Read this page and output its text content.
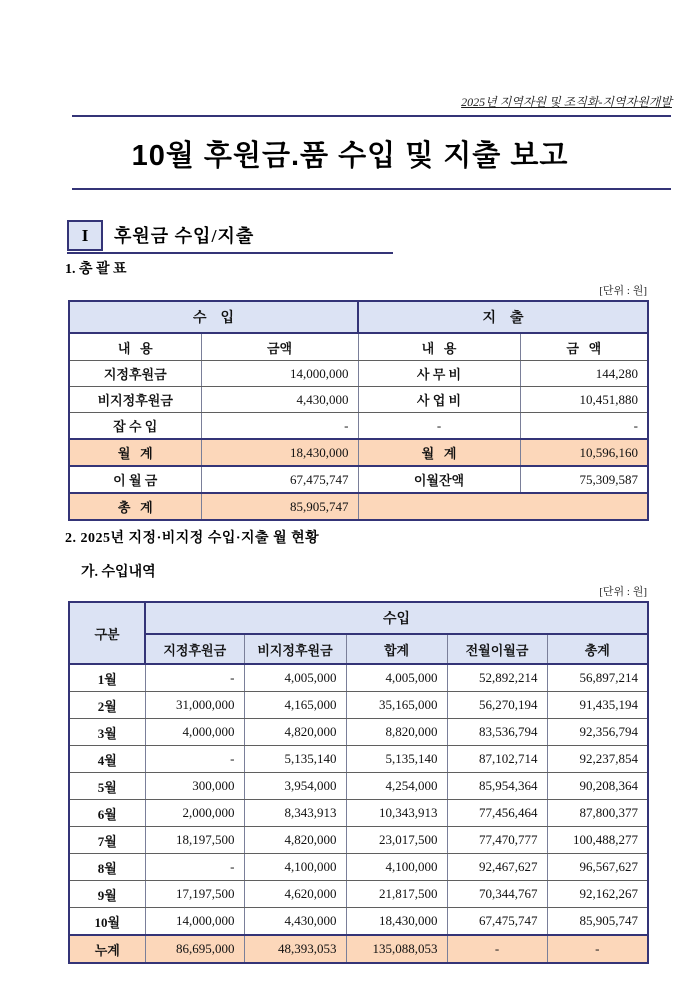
2025년 지역자원 및 조직화-지역자원개발
10월 후원금.품 수입 및 지출 보고
I	후원금 수입/지출
1. 총 괄 표
[단위 : 원]
수    입		지    출	
내   용	금액	내   용	금   액
지정후원금	14,000,000	사 무 비	144,280
비지정후원금	4,430,000	사 업 비	10,451,880
잡 수 입	-	-	-
월   계	18,430,000	월   계	10,596,160
이 월 금	67,475,747	이월잔액	75,309,587
총   계	85,905,747		
2. 2025년 지정·비지정 수입·지출 월 현황
가. 수입내역
[단위 : 원]
구분	수입				
	지정후원금	비지정후원금	합계	전월이월금	총계
1월	-	4,005,000	4,005,000	52,892,214	56,897,214
2월	31,000,000	4,165,000	35,165,000	56,270,194	91,435,194
3월	4,000,000	4,820,000	8,820,000	83,536,794	92,356,794
4월	-	5,135,140	5,135,140	87,102,714	92,237,854
5월	300,000	3,954,000	4,254,000	85,954,364	90,208,364
6월	2,000,000	8,343,913	10,343,913	77,456,464	87,800,377
7월	18,197,500	4,820,000	23,017,500	77,470,777	100,488,277
8월	-	4,100,000	4,100,000	92,467,627	96,567,627
9월	17,197,500	4,620,000	21,817,500	70,344,767	92,162,267
10월	14,000,000	4,430,000	18,430,000	67,475,747	85,905,747
누계	86,695,000	48,393,053	135,088,053	-	-
